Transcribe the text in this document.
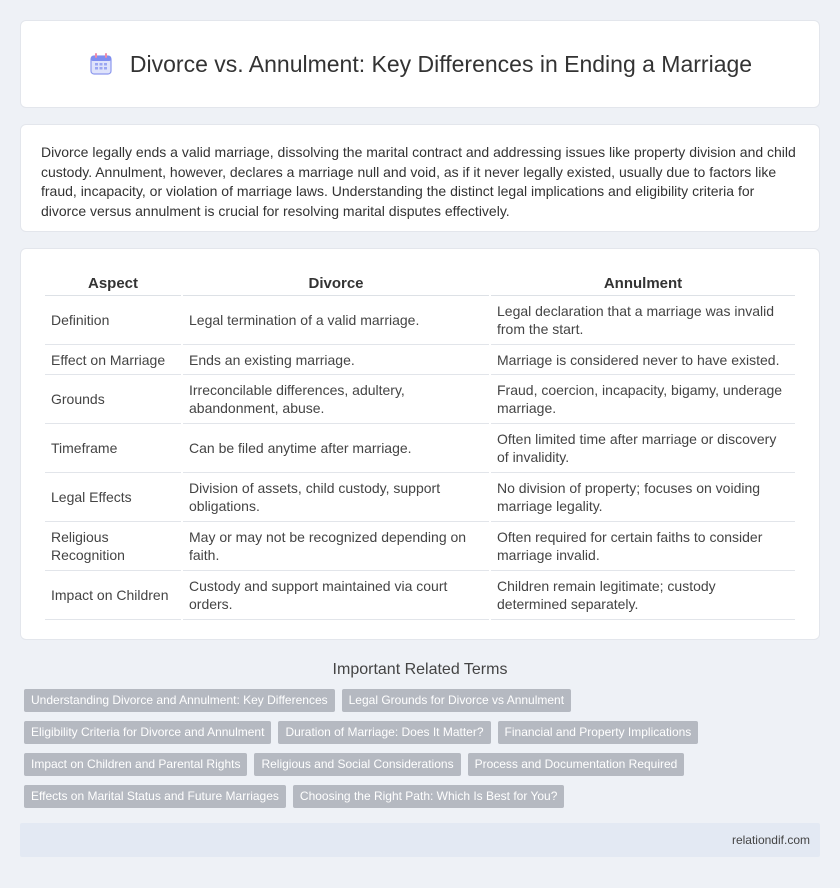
Divorce vs. Annulment: Key Differences in Ending a Marriage

Divorce legally ends a valid marriage, dissolving the marital contract and addressing issues like property division and child custody. Annulment, however, declares a marriage null and void, as if it never legally existed, usually due to factors like fraud, incapacity, or violation of marriage laws. Understanding the distinct legal implications and eligibility criteria for divorce versus annulment is crucial for resolving marital disputes effectively.

Aspect	Divorce	Annulment
Definition	Legal termination of a valid marriage.	Legal declaration that a marriage was invalid from the start.
Effect on Marriage	Ends an existing marriage.	Marriage is considered never to have existed.
Grounds	Irreconcilable differences, adultery, abandonment, abuse.	Fraud, coercion, incapacity, bigamy, underage marriage.
Timeframe	Can be filed anytime after marriage.	Often limited time after marriage or discovery of invalidity.
Legal Effects	Division of assets, child custody, support obligations.	No division of property; focuses on voiding marriage legality.
Religious Recognition	May or may not be recognized depending on faith.	Often required for certain faiths to consider marriage invalid.
Impact on Children	Custody and support maintained via court orders.	Children remain legitimate; custody determined separately.
Important Related Terms
Understanding Divorce and Annulment: Key Differences Legal Grounds for Divorce vs Annulment
Eligibility Criteria for Divorce and Annulment Duration of Marriage: Does It Matter? Financial and Property Implications
Impact on Children and Parental Rights Religious and Social Considerations Process and Documentation Required
Effects on Marital Status and Future Marriages Choosing the Right Path: Which Is Best for You?
relationdif.com
